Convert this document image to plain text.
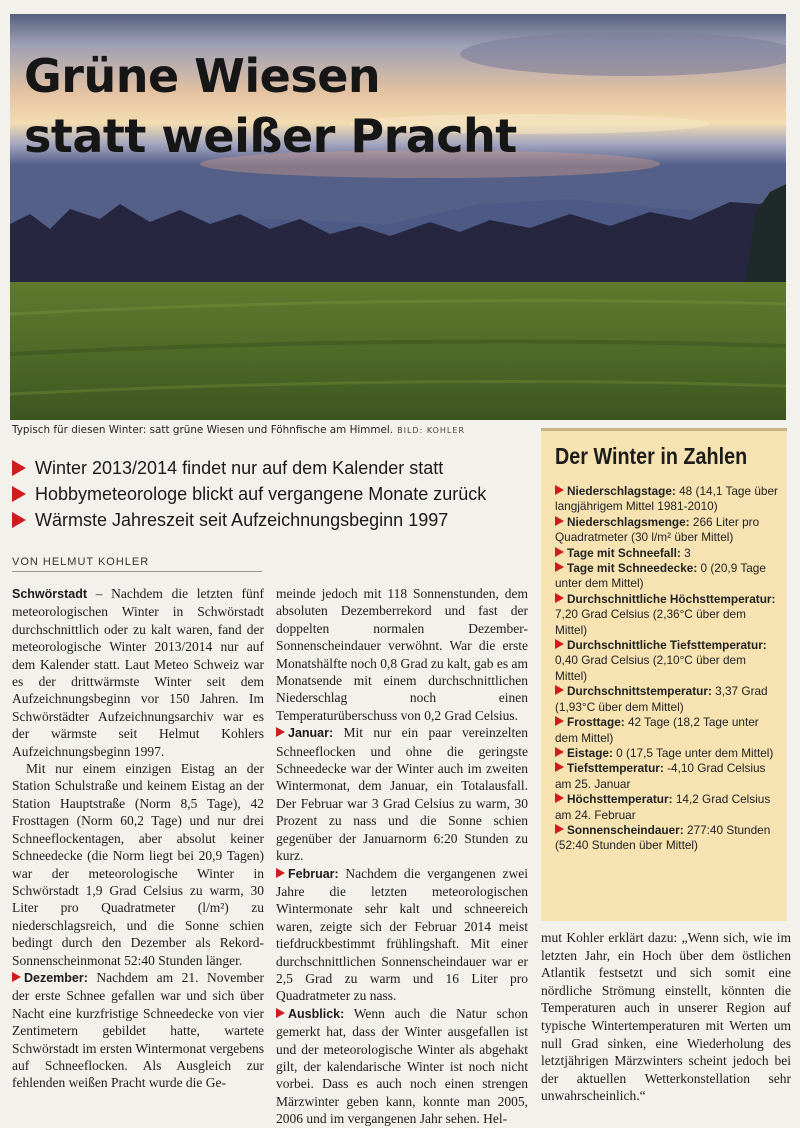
Grüne Wiesen
statt weißer Pracht
Typisch für diesen Winter: satt grüne Wiesen und Föhnfische am Himmel. BILD: KOHLER
Winter 2013/2014 findet nur auf dem Kalender statt
Hobbymeteorologe blickt auf vergangene Monate zurück
Wärmste Jahreszeit seit Aufzeichnungsbeginn 1997
VON HELMUT KOHLER

Schwörstadt – Nachdem die letzten fünf meteorologischen Winter in Schwörstadt durchschnittlich oder zu kalt waren, fand der meteorologische Winter 2013/2014 nur auf dem Kalender statt. Laut Meteo Schweiz war es der drittwärmste Winter seit dem Aufzeichnungsbeginn vor 150 Jahren. Im Schwörstädter Aufzeichnungsarchiv war es der wärmste seit Helmut Kohlers Aufzeichnungsbeginn 1997.

Mit nur einem einzigen Eistag an der Station Schulstraße und keinem Eistag an der Station Hauptstraße (Norm 8,5 Tage), 42 Frosttagen (Norm 60,2 Tage) und nur drei Schneeflockentagen, aber absolut keiner Schneedecke (die Norm liegt bei 20,9 Tagen) war der meteorologische Winter in Schwörstadt 1,9 Grad Celsius zu warm, 30 Liter pro Quadratmeter (l/m²) zu niederschlagsreich, und die Sonne schien bedingt durch den Dezember als Rekord-Sonnenscheinmonat 52:40 Stunden länger.

Dezember: Nachdem am 21. November der erste Schnee gefallen war und sich über Nacht eine kurzfristige Schneedecke von vier Zentimetern gebildet hatte, wartete Schwörstadt im ersten Wintermonat vergebens auf Schneeflocken. Als Ausgleich zur fehlenden weißen Pracht wurde die Ge-

meinde jedoch mit 118 Sonnenstunden, dem absoluten Dezemberrekord und fast der doppelten normalen Dezember-Sonnenscheindauer verwöhnt. War die erste Monatshälfte noch 0,8 Grad zu kalt, gab es am Monatsende mit einem durchschnittlichen Niederschlag noch einen Temperaturüberschuss von 0,2 Grad Celsius.

Januar: Mit nur ein paar vereinzelten Schneeflocken und ohne die geringste Schneedecke war der Winter auch im zweiten Wintermonat, dem Januar, ein Totalausfall. Der Februar war 3 Grad Celsius zu warm, 30 Prozent zu nass und die Sonne schien gegenüber der Januarnorm 6:20 Stunden zu kurz.

Februar: Nachdem die vergangenen zwei Jahre die letzten meteorologischen Wintermonate sehr kalt und schneereich waren, zeigte sich der Februar 2014 meist tiefdruckbestimmt frühlingshaft. Mit einer durchschnittlichen Sonnenscheindauer war er 2,5 Grad zu warm und 16 Liter pro Quadratmeter zu nass.

Ausblick: Wenn auch die Natur schon gemerkt hat, dass der Winter ausgefallen ist und der meteorologische Winter als abgehakt gilt, der kalendarische Winter ist noch nicht vorbei. Dass es auch noch einen strengen Märzwinter geben kann, konnte man 2005, 2006 und im vergangenen Jahr sehen. Hel-

mut Kohler erklärt dazu: „Wenn sich, wie im letzten Jahr, ein Hoch über dem östlichen Atlantik festsetzt und sich somit eine nördliche Strömung einstellt, könnten die Temperaturen auch in unserer Region auf typische Wintertemperaturen mit Werten um null Grad sinken, eine Wiederholung des letztjährigen Märzwinters scheint jedoch bei der aktuellen Wetterkonstellation sehr unwahrscheinlich.“

Der Winter in Zahlen
Niederschlagstage: 48 (14,1 Tage über langjährigem Mittel 1981-2010)
Niederschlagsmenge: 266 Liter pro Quadratmeter (30 l/m² über Mittel)
Tage mit Schneefall: 3
Tage mit Schneedecke: 0 (20,9 Tage unter dem Mittel)
Durchschnittliche Höchsttemperatur: 7,20 Grad Celsius (2,36°C über dem Mittel)
Durchschnittliche Tiefsttemperatur: 0,40 Grad Celsius (2,10°C über dem Mittel)
Durchschnittstemperatur: 3,37 Grad (1,93°C über dem Mittel)
Frosttage: 42 Tage (18,2 Tage unter dem Mittel)
Eistage: 0 (17,5 Tage unter dem Mittel)
Tiefsttemperatur: -4,10 Grad Celsius am 25. Januar
Höchsttemperatur: 14,2 Grad Celsius am 24. Februar
Sonnenscheindauer: 277:40 Stunden (52:40 Stunden über Mittel)
